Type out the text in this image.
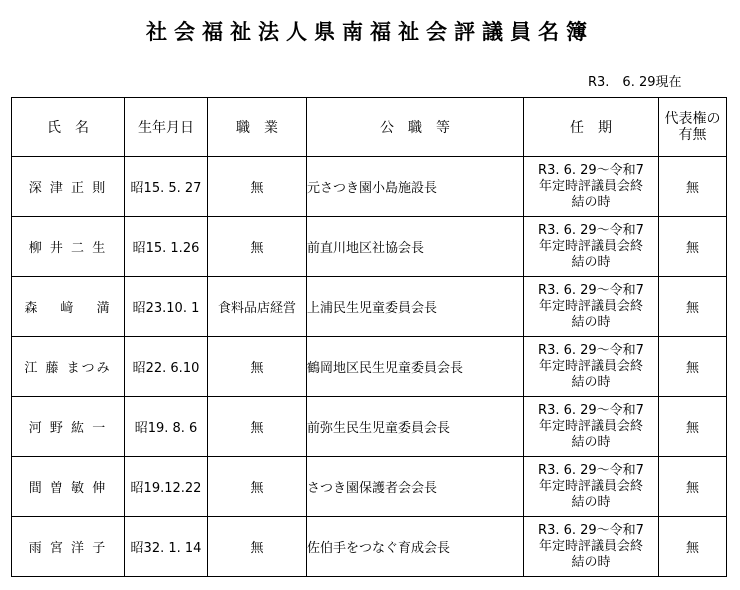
社会福祉法人県南福祉会評議員名簿
R3.　6. 29現在
氏　名	生年月日	職　業	公　職　等	任　期	代表権の
有無
深 津 正 則	昭15. 5. 27	無	元さつき園小島施設長	R3. 6. 29～令和7
年定時評議員会終
結の時	無
柳 井 二 生	昭15. 1.26	無	前直川地区社協会長	R3. 6. 29～令和7
年定時評議員会終
結の時	無
森　 﨑　 満	昭23.10. 1	食料品店経営	上浦民生児童委員会長	R3. 6. 29～令和7
年定時評議員会終
結の時	無
江 藤 まつみ	昭22. 6.10	無	鶴岡地区民生児童委員会長	R3. 6. 29～令和7
年定時評議員会終
結の時	無
河 野 紘 一	昭19. 8. 6	無	前弥生民生児童委員会長	R3. 6. 29～令和7
年定時評議員会終
結の時	無
間 曽 敏 伸	昭19.12.22	無	さつき園保護者会会長	R3. 6. 29～令和7
年定時評議員会終
結の時	無
雨 宮 洋 子	昭32. 1. 14	無	佐伯手をつなぐ育成会長	R3. 6. 29～令和7
年定時評議員会終
結の時	無
